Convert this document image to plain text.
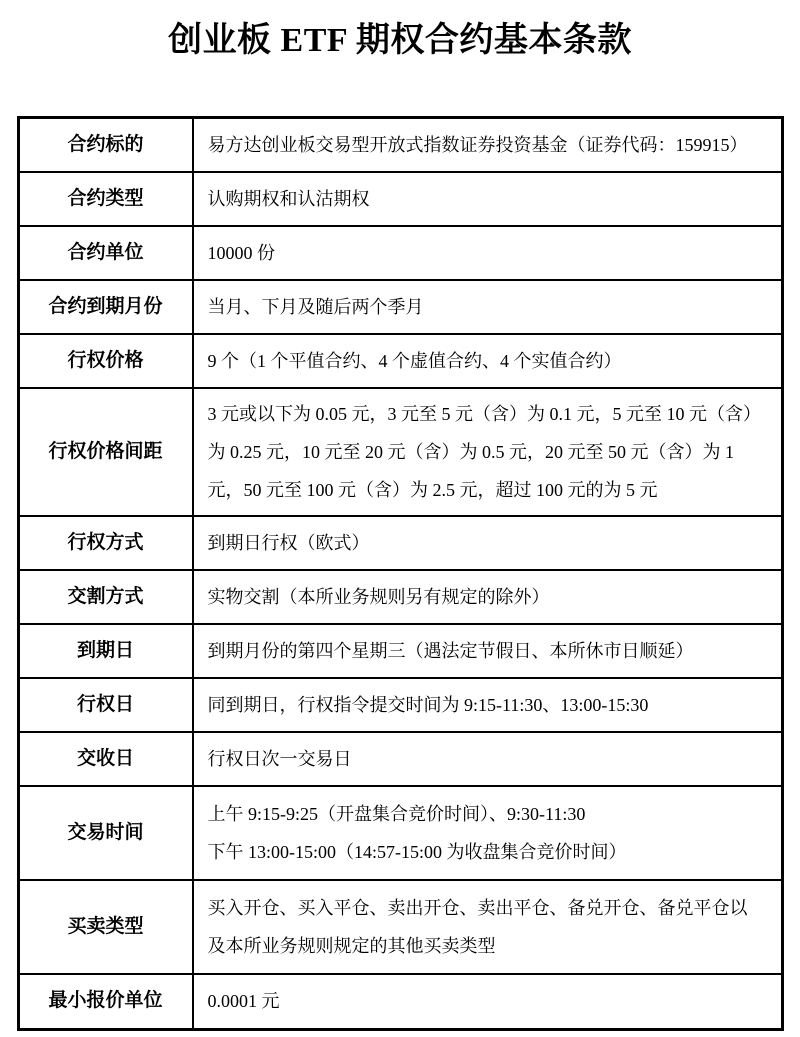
创业板 ETF 期权合约基本条款
合约标的	易方达创业板交易型开放式指数证券投资基金（证券代码：159915）

合约类型	认购期权和认沽期权

合约单位	10000 份

合约到期月份	当月、下月及随后两个季月

行权价格	9 个（1 个平值合约、4 个虚值合约、4 个实值合约）

行权价格间距	3 元或以下为 0.05 元，3 元至 5 元（含）为 0.1 元，5 元至 10 元（含）为 0.25 元，10 元至 20 元（含）为 0.5 元，20 元至 50 元（含）为 1 元，50 元至 100 元（含）为 2.5 元，超过 100 元的为 5 元

行权方式	到期日行权（欧式）

交割方式	实物交割（本所业务规则另有规定的除外）

到期日	到期月份的第四个星期三（遇法定节假日、本所休市日顺延）

行权日	同到期日，行权指令提交时间为 9:15-11:30、13:00-15:30

交收日	行权日次一交易日

交易时间	上午 9:15-9:25（开盘集合竞价时间）、9:30-11:30
下午 13:00-15:00（14:57-15:00 为收盘集合竞价时间）

买卖类型	买入开仓、买入平仓、卖出开仓、卖出平仓、备兑开仓、备兑平仓以及本所业务规则规定的其他买卖类型

最小报价单位	0.0001 元
